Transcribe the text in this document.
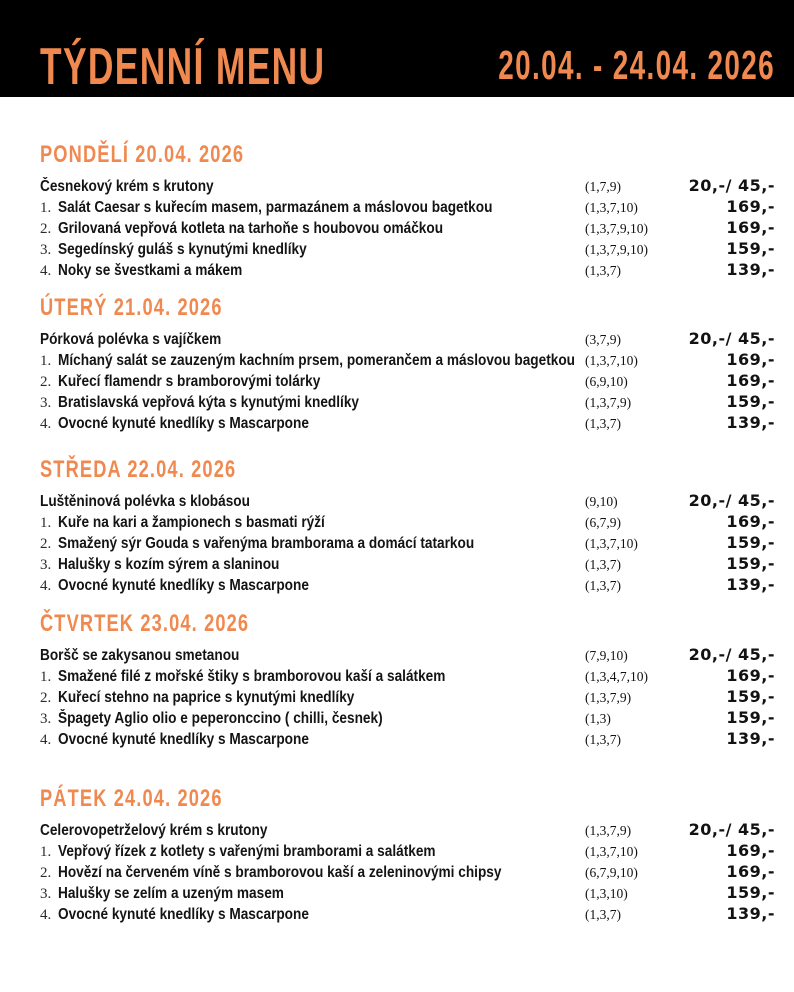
TÝDENNÍ MENU	20.04. - 24.04. 2026
PONDĚLÍ 20.04. 2026
Česnekový krém s krutony	(1,7,9)	20,-/ 45,-
1. Salát Caesar s kuřecím masem, parmazánem a máslovou bagetkou	(1,3,7,10)	169,-
2. Grilovaná vepřová kotleta na tarhoňe s houbovou omáčkou	(1,3,7,9,10)	169,-
3. Segedínský guláš s kynutými knedlíky	(1,3,7,9,10)	159,-
4. Noky se švestkami a mákem	(1,3,7)	139,-
ÚTERÝ 21.04. 2026
Pórková polévka s vajíčkem	(3,7,9)	20,-/ 45,-
1. Míchaný salát se zauzeným kachním prsem, pomerančem a máslovou bagetkou (1,3,7,10)	169,-
2. Kuřecí flamendr s bramborovými tolárky	(6,9,10)	169,-
3. Bratislavská vepřová kýta s kynutými knedlíky	(1,3,7,9)	159,-
4. Ovocné kynuté knedlíky s Mascarpone	(1,3,7)	139,-
STŘEDA 22.04. 2026
Luštěninová polévka s klobásou	(9,10)	20,-/ 45,-
1. Kuře na kari a žampionech s basmati rýží	(6,7,9)	169,-
2. Smažený sýr Gouda s vařenýma bramborama a domácí tatarkou	(1,3,7,10)	159,-
3. Halušky s kozím sýrem a slaninou	(1,3,7)	159,-
4. Ovocné kynuté knedlíky s Mascarpone	(1,3,7)	139,-
ČTVRTEK 23.04. 2026
Boršč se zakysanou smetanou	(7,9,10)	20,-/ 45,-
1. Smažené filé z mořské štiky s bramborovou kaší a salátkem	(1,3,4,7,10)	169,-
2. Kuřecí stehno na paprice s kynutými knedlíky	(1,3,7,9)	159,-
3. Špagety Aglio olio e peperonccino ( chilli, česnek)	(1,3)	159,-
4. Ovocné kynuté knedlíky s Mascarpone	(1,3,7)	139,-
PÁTEK 24.04. 2026
Celerovopetrželový krém s krutony	(1,3,7,9)	20,-/ 45,-
1. Vepřový řízek z kotlety s vařenými bramborami a salátkem	(1,3,7,10)	169,-
2. Hovězí na červeném víně s bramborovou kaší a zeleninovými chipsy	(6,7,9,10)	169,-
3. Halušky se zelím a uzeným masem	(1,3,10)	159,-
4. Ovocné kynuté knedlíky s Mascarpone	(1,3,7)	139,-
